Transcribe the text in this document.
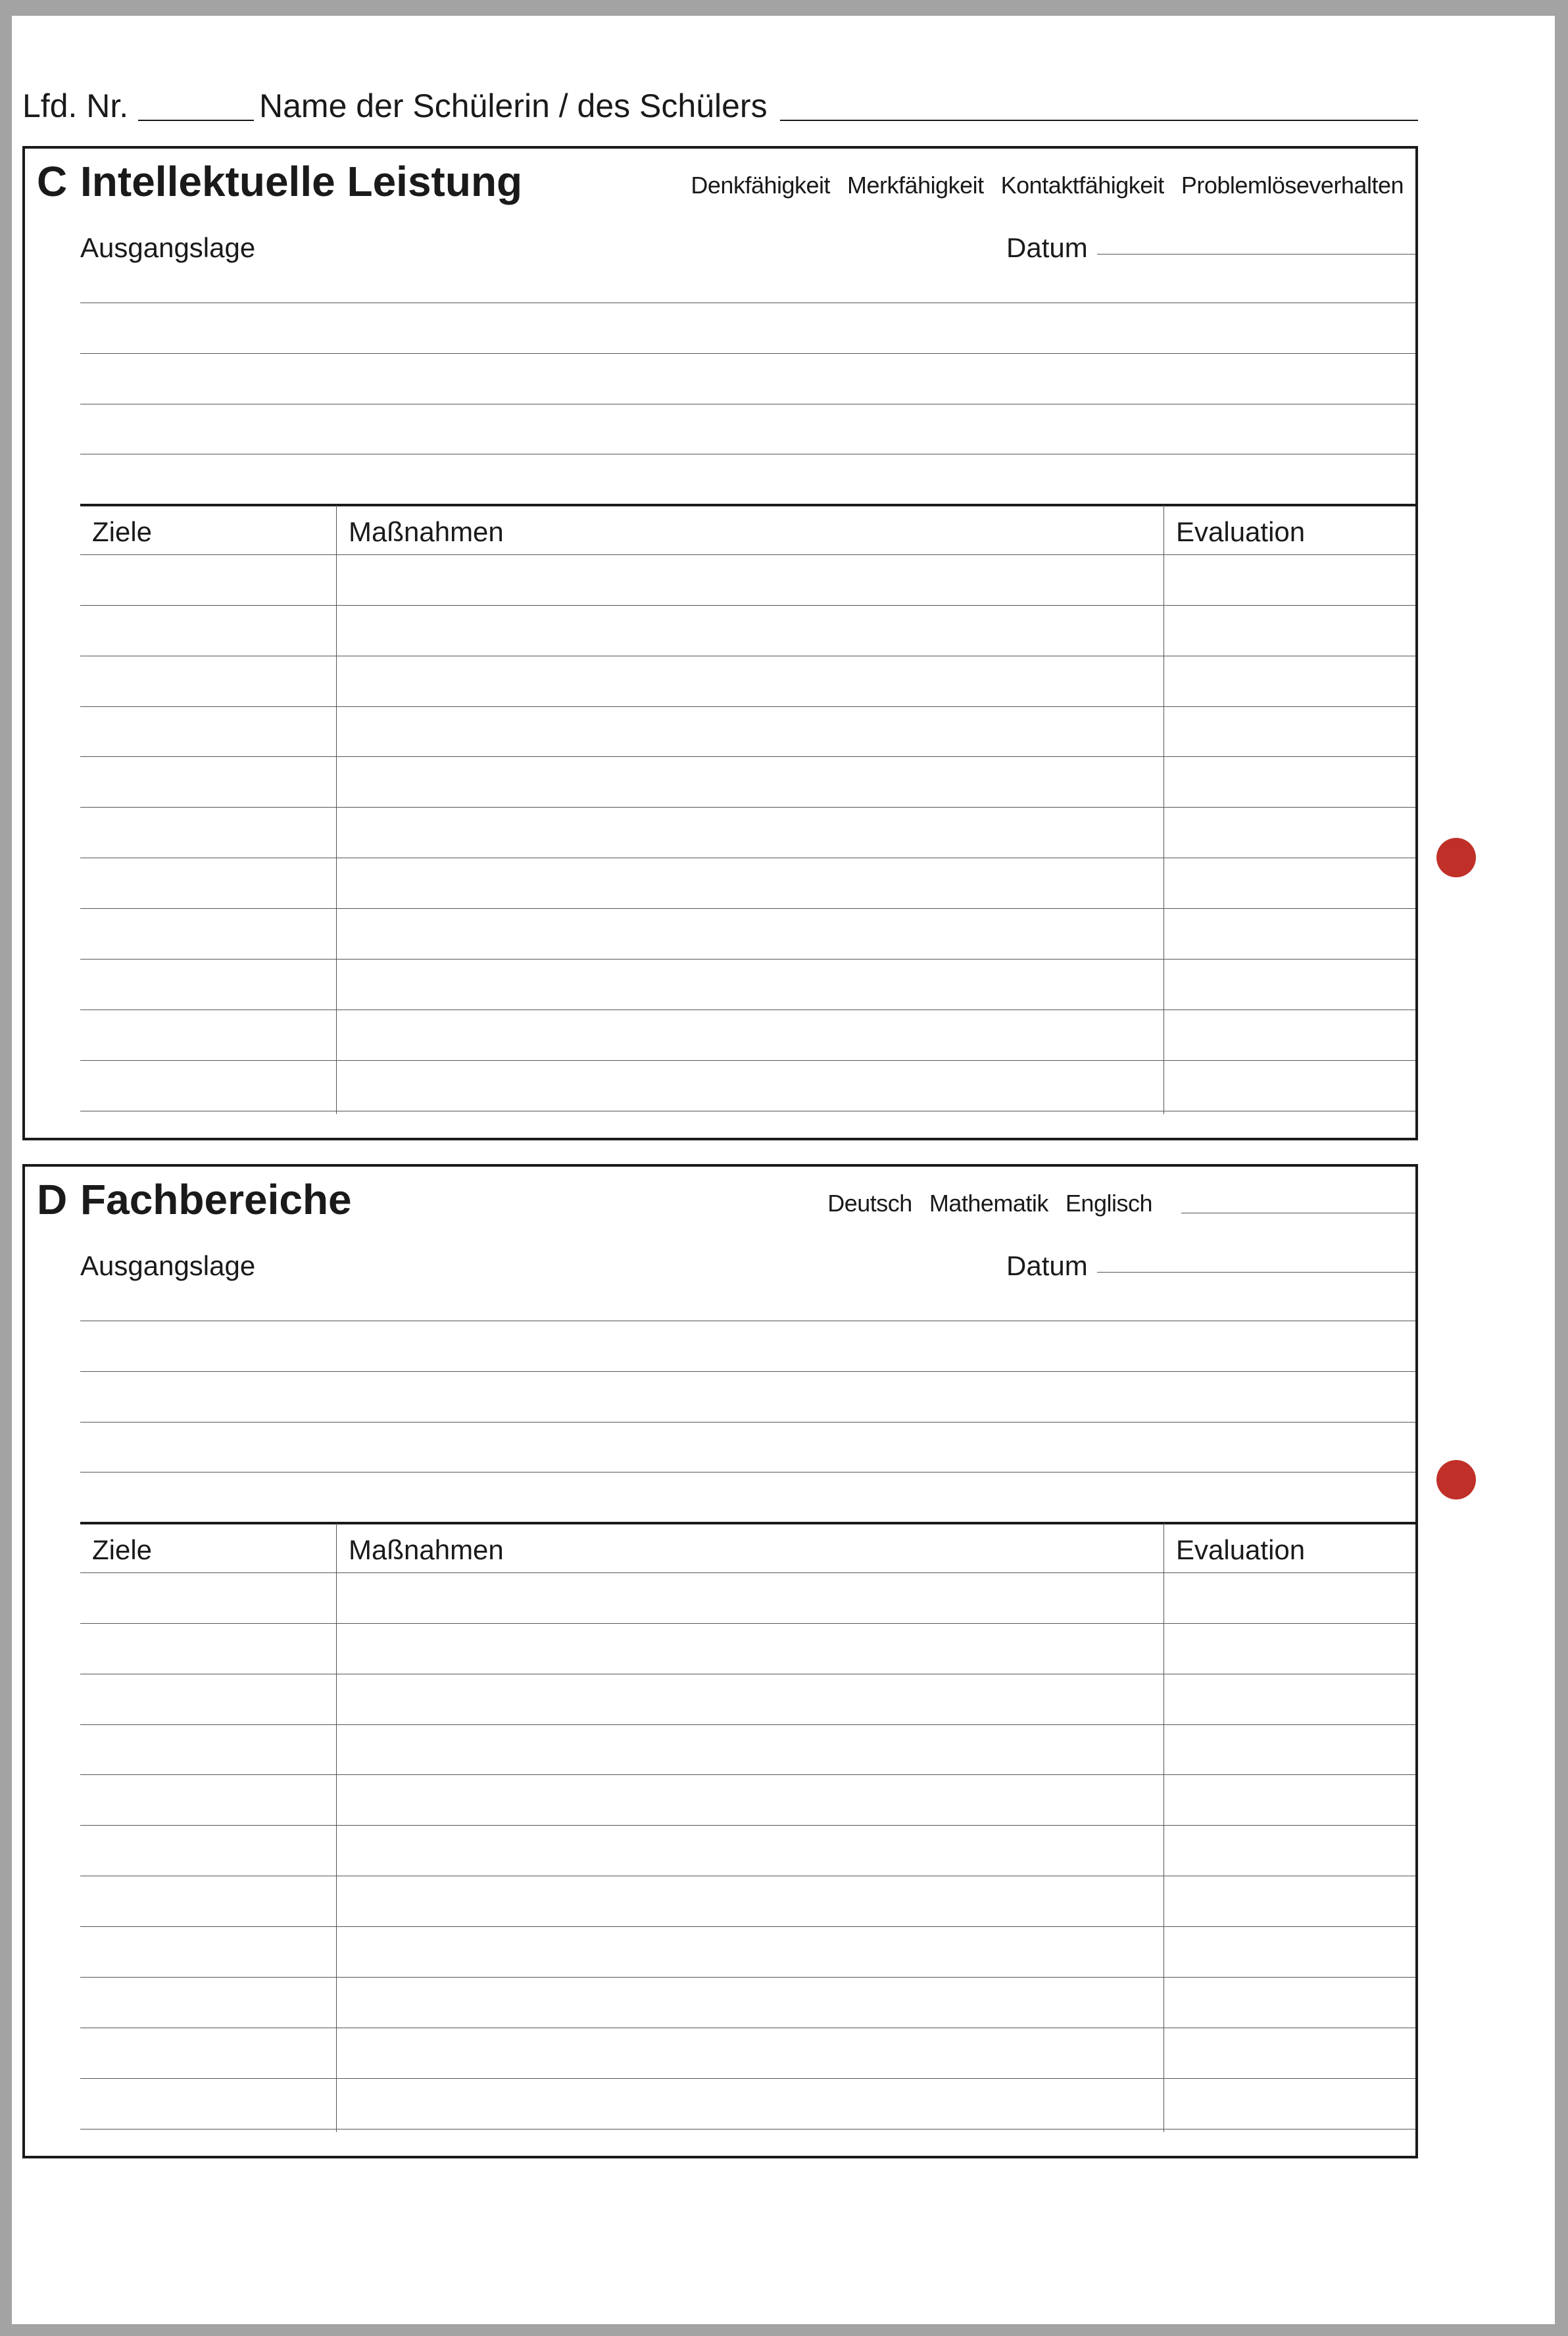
Lfd. Nr.	Name der Schülerin / des Schülers
C Intellektuelle Leistung	Denkfähigkeit Merkfähigkeit Kontaktfähigkeit Problemlöseverhalten
Ausgangslage	Datum
Ziele	Maßnahmen	Evaluation
D Fachbereiche	Deutsch Mathematik Englisch
Ausgangslage	Datum
Ziele	Maßnahmen	Evaluation
